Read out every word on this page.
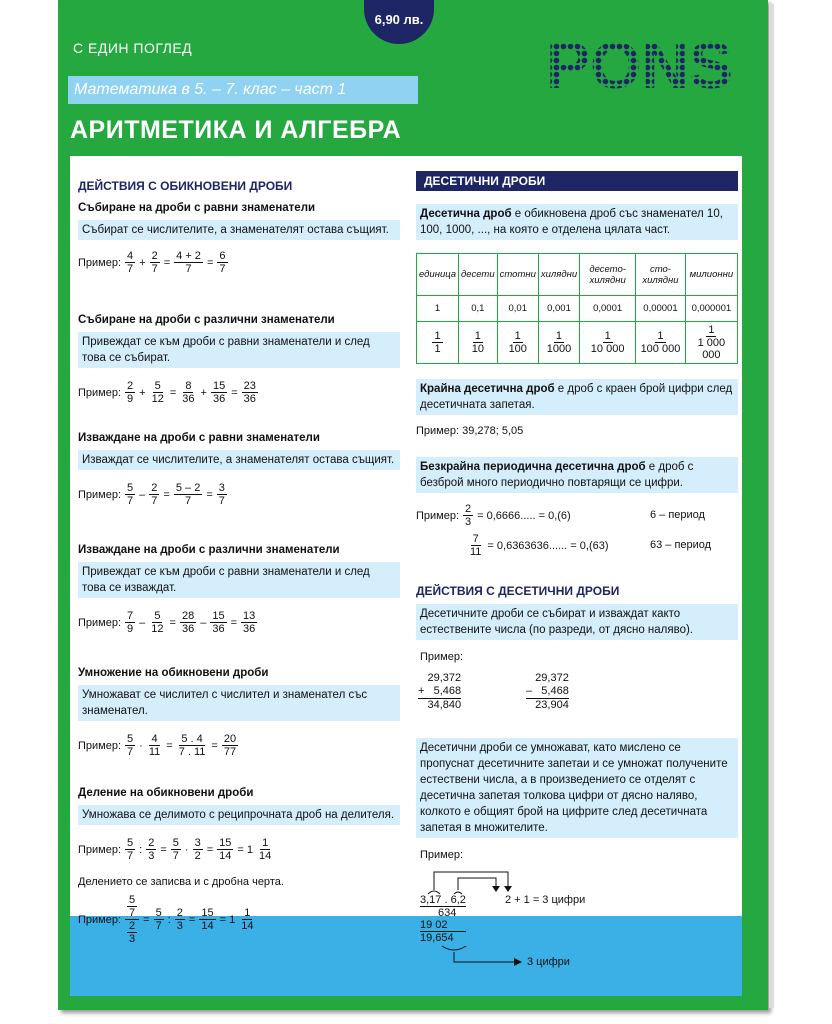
6,90 лв.
С ЕДИН ПОГЛЕД
Математика в 5. – 7. клас – част 1
АРИТМЕТИКА И АЛГЕБРА
PONS
ДЕЙСТВИЯ С ОБИКНОВЕНИ ДРОБИ
Събиране на дроби с равни знаменатели
Събират се числителите, а знаменателят остава същият.
Пример: $\frac{4}{7} + \frac{2}{7} = \frac{4 + 2}{7} = \frac{6}{7}$
Събиране на дроби с различни знаменатели
Привеждат се към дроби с равни знаменатели и след това се събират.
Пример: $\frac{2}{9} + \frac{5}{12} = \frac{8}{36} + \frac{15}{36} = \frac{23}{36}$
Изваждане на дроби с равни знаменатели
Изваждат се числителите, а знаменателят остава същият.
Пример: $\frac{5}{7} - \frac{2}{7} = \frac{5 - 2}{7} = \frac{3}{7}$
Изваждане на дроби с различни знаменатели
Привеждат се към дроби с равни знаменатели и след това се изваждат.
Пример: $\frac{7}{9} - \frac{5}{12} = \frac{28}{36} - \frac{15}{36} = \frac{13}{36}$
Умножение на обикновени дроби
Умножават се числител с числител и знаменател със знаменател.
Пример: $\frac{5}{7} \cdot \frac{4}{11} = \frac{5 . 4}{7 . 11} = \frac{20}{77}$
Деление на обикновени дроби
Умножава се делимото с реципрочната дроб на делителя.
Пример: $\frac{5}{7}$ : $\frac{2}{3} = \frac{5}{7} \cdot \frac{3}{2} = \frac{15}{14} = 1 \frac{1}{14}$
Делението се записва и с дробна черта.
Пример: $\frac{\frac{5}{7}}{\frac{2}{3}} = \frac{5}{7}$ : $\frac{2}{3} = \frac{15}{14} = 1 \frac{1}{14}$
ДЕСЕТИЧНИ ДРОБИ
Десетична дроб е обикновена дроб със знаменател 10, 100, 1000, ..., на която е отделена цялата част.
единица	десети	стотни	хилядни	десето-хилядни	сто-хилядни	милионни
1	0,1	0,01	0,001	0,0001	0,00001	0,000001

$\frac{1}{1}$	$\frac{1}{10}$	$\frac{1}{100}$	$\frac{1}{1000}$	$\frac{1}{10 000}$	$\frac{1}{100 000}$	$\frac{1}{1 000 000}$
Крайна десетична дроб е дроб с краен брой цифри след десетичната запетая.
Пример: 39,278; 5,05
Безкрайна периодична десетична дроб е дроб с безброй много периодично повтарящи се цифри.
Пример: $\frac{2}{3} = 0,6666$..... = 0,(6)	6 – период
$\frac{7}{11} = 0,6363636$...... = 0,(63)	63 – период
ДЕЙСТВИЯ С ДЕСЕТИЧНИ ДРОБИ
Десетичните дроби се събират и изваждат както естествените числа (по разреди, от дясно наляво).
Пример:
29,372
+   5,468
34,840
29,372
–   5,468
23,904
Десетични дроби се умножават, като мислено се пропуснат десетичните запетаи и се умножат получените естествени числа, а в произведението се отделят с десетична запетая толкова цифри от дясно наляво, колкото е общият брой на цифрите след десетичната запетая в множителите.
Пример:
3,17 . 6,2
634
19 02
19,654
2 + 1 = 3 цифри
3 цифри
